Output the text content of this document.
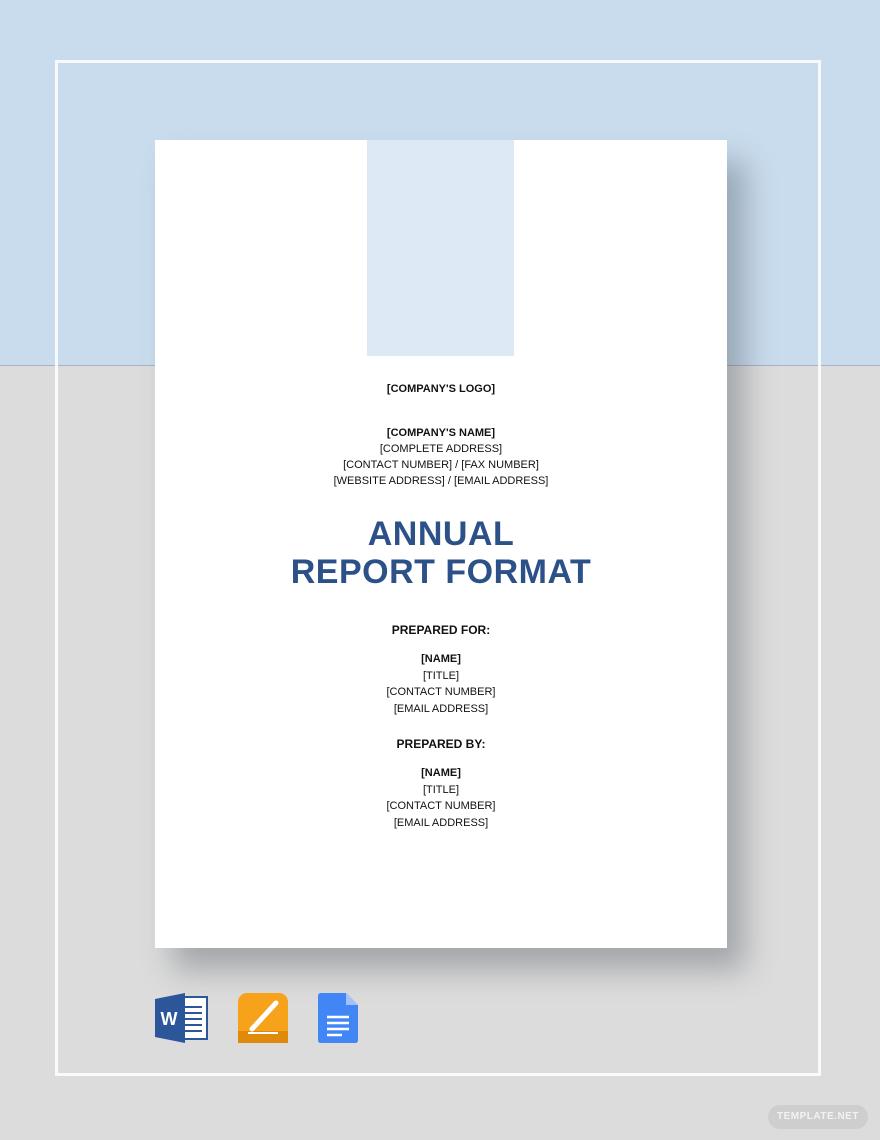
[COMPANY'S LOGO]
[COMPANY'S NAME]
[COMPLETE ADDRESS]
[CONTACT NUMBER] / [FAX NUMBER]
[WEBSITE ADDRESS] / [EMAIL ADDRESS]
ANNUAL
REPORT FORMAT
PREPARED FOR:
[NAME]
[TITLE]
[CONTACT NUMBER]
[EMAIL ADDRESS]
PREPARED BY:
[NAME]
[TITLE]
[CONTACT NUMBER]
[EMAIL ADDRESS]
W
TEMPLATE.NET
